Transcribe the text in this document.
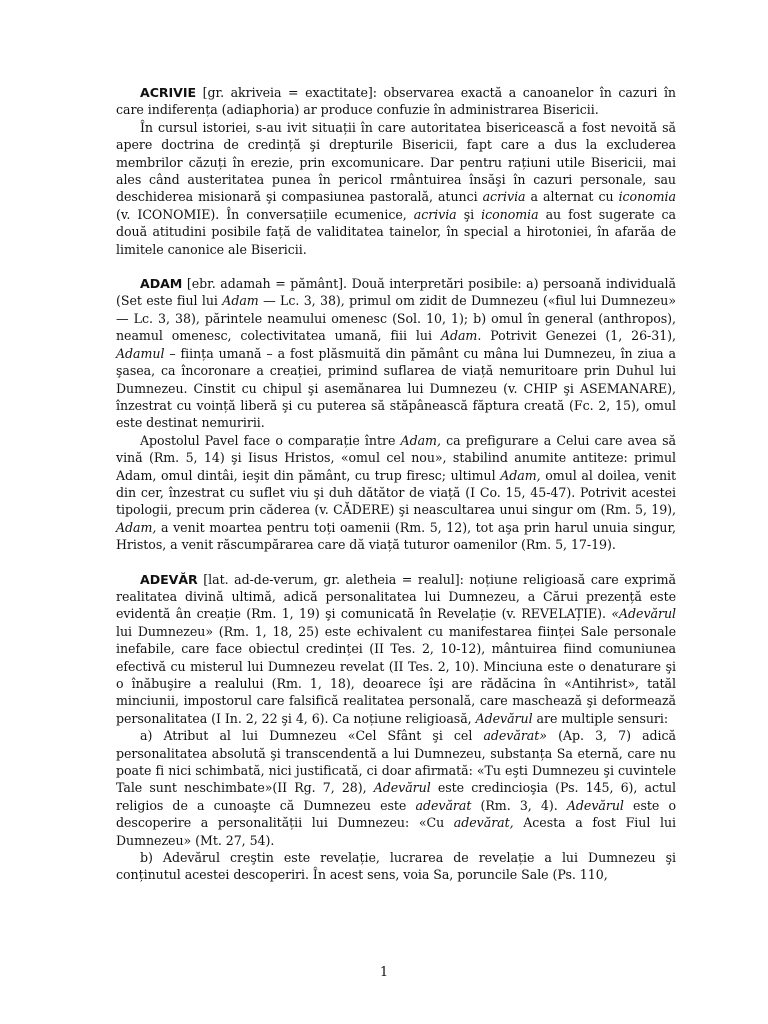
ACRIVIE [gr. akriveia = exactitate]: observarea exactă a canoanelor în cazuri în care indiferența (adiaphoria) ar produce confuzie în administrarea Bisericii.

În cursul istoriei, s-au ivit situații în care autoritatea bisericească a fost nevoită să apere doctrina de credință şi drepturile Bisericii, fapt care a dus la excluderea membrilor căzuți în erezie, prin excomunicare. Dar pentru rațiuni utile Bisericii, mai ales când austeritatea punea în pericol rmântuirea însăşi în cazuri personale, sau deschiderea misionară şi compasiunea pastorală, atunci acrivia a alternat cu iconomia (v. ICONOMIE). În conversațiile ecumenice, acrivia şi iconomia au fost sugerate ca două atitudini posibile față de validitatea tainelor, în special a hirotoniei, în afarăa de limitele canonice ale Bisericii.

ADAM [ebr. adamah = pământ]. Două interpretări posibile: a) persoană individuală (Set este fiul lui Adam — Lc. 3, 38), primul om zidit de Dumnezeu («fiul lui Dumnezeu» — Lc. 3, 38), părintele neamului omenesc (Sol. 10, 1); b) omul în general (anthropos), neamul omenesc, colectivitatea umană, fiii lui Adam. Potrivit Genezei (1, 26-31), Adamul – ființa umană – a fost plăsmuită din pământ cu mâna lui Dumnezeu, în ziua a şasea, ca încoronare a creației, primind suflarea de viață nemuritoare prin Duhul lui Dumnezeu. Cinstit cu chipul şi asemănarea lui Dumnezeu (v. CHIP şi ASEMANARE), înzestrat cu voință liberă şi cu puterea să stăpânească făptura creată (Fc. 2, 15), omul este destinat nemuririi.

Apostolul Pavel face o comparație între Adam, ca prefigurare a Celui care avea să vină (Rm. 5, 14) şi Iisus Hristos, «omul cel nou», stabilind anumite antiteze: primul Adam, omul dintâi, ieşit din pământ, cu trup firesc; ultimul Adam, omul al doilea, venit din cer, înzestrat cu suflet viu şi duh dătător de viață (I Co. 15, 45-47). Potrivit acestei tipologii, precum prin căderea (v. CĂDERE) şi neascultarea unui singur om (Rm. 5, 19), Adam, a venit moartea pentru toți oamenii (Rm. 5, 12), tot aşa prin harul unuia singur, Hristos, a venit răscumpărarea care dă viață tuturor oamenilor (Rm. 5, 17-19).

ADEVĂR [lat. ad-de-verum, gr. aletheia = realul]: noțiune religioasă care exprimă realitatea divină ultimă, adică personalitatea lui Dumnezeu, a Cărui prezență este evidentă ân creație (Rm. 1, 19) şi comunicată în Revelație (v. REVELAȚIE). «Adevărul lui Dumnezeu» (Rm. 1, 18, 25) este echivalent cu manifestarea ființei Sale personale inefabile, care face obiectul credinței (II Tes. 2, 10-12), mântuirea fiind comuniunea efectivă cu misterul lui Dumnezeu revelat (II Tes. 2, 10). Minciuna este o denaturare şi o înăbuşire a realului (Rm. 1, 18), deoarece îşi are rădăcina în «Antihrist», tatăl minciunii, impostorul care falsifică realitatea personală, care maschează şi deformează personalitatea (I In. 2, 22 şi 4, 6). Ca noțiune religioasă, Adevărul are multiple sensuri:

a) Atribut al lui Dumnezeu «Cel Sfânt şi cel adevărat» (Ap. 3, 7) adică personalitatea absolută şi transcendentă a lui Dumnezeu, substanța Sa eternă, care nu poate fi nici schimbată, nici justificată, ci doar afirmată: «Tu eşti Dumnezeu şi cuvintele Tale sunt neschimbate»(II Rg. 7, 28), Adevărul este credincioşia (Ps. 145, 6), actul religios de a cunoaşte că Dumnezeu este adevărat (Rm. 3, 4). Adevărul este o descoperire a personalității lui Dumnezeu: «Cu adevărat, Acesta a fost Fiul lui Dumnezeu» (Mt. 27, 54).

b) Adevărul creştin este revelație, lucrarea de revelație a lui Dumnezeu şi conținutul acestei descoperiri. În acest sens, voia Sa, poruncile Sale (Ps. 110,

1
